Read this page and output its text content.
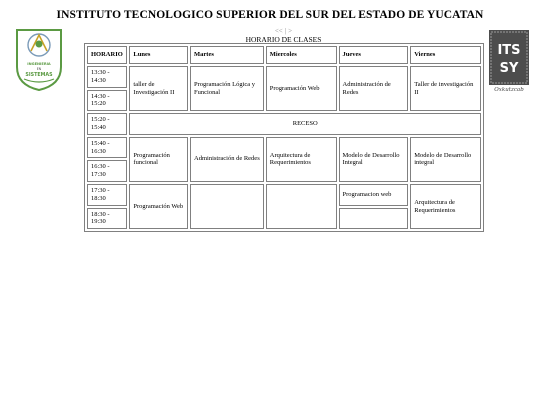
INSTITUTO TECNOLOGICO SUPERIOR DEL SUR DEL ESTADO DE YUCATAN
<< | >
HORARIO DE CLASES
INGENIERIA
EN
SISTEMAS
ITS
SY
Oxkutzcab
HORARIO	Lunes	Martes	Miercoles	Jueves	Viernes
13:30 - 14:30	taller de Investigación II	Programación Lógica y Funcional	Programación Web	Administración de Redes	Taller de investigación II
14:30 - 15:20					
15:20 - 15:40	RECESO				
15:40 - 16:30	Programación funcional	Administración de Redes	Arquitectura de Requerimientos	Modelo de Desarrollo Integral	Modelo de Desarrollo integral
16:30 - 17:30					
17:30 - 18:30	Programación Web			Programacion web	Arquitectura de Requerimientos
18:30 - 19:30					
